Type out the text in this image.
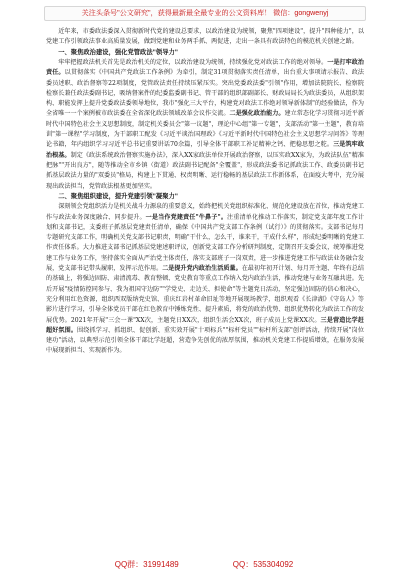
关注头条号"公文研究"，获得最新最全最专业的公文资料库！ 微信：gongwenyj

近年来，市委政法委深入贯彻新时代党的建设总要求，以政治建设为统领，聚焦"四项建设"，提升"四种能力"，以党建工作引领政法事业高质量发展，做到党建和业务两手抓、两促进，走出一条具有政法特色的模范机关创建之路。

一、聚焦政治建设，强化党管政法"领导力"

牢牢把握政法机关首先是政治机关的定位，以政治建设为统领，持续强化党对政法工作的绝对领导。一是打牢政治责任。以贯彻落实《中国共产党政法工作条例》为牵引，制定31项贯彻落实责任清单，出台重大事项请示报告、政法委员述职、政治督察等22项制度，党管政法责任持续压紧压实。突出党委政法委"引领"作用，增加法院院长、检察院检察长兼任政法委副书记，吸纳督案件的纪委监委副书记、管干部的组织部副部长、财政局局长为政法委员，从组织架构、职能发挥上提升党委政法委领导地位，我市"强化三大平台，构建党对政法工作绝对领导新体制"的经验做法，作为全省唯一一个案例被市政法委在全省深化政法领域改革会议作交流。二是强化政治能力。建立常态化学习贯彻习近平新时代中国特色社会主义思想制度，制定机关委员会"第一议题"，理论中心组"第一专题"，支部活动"第一主题"，教育培训"第一课程"学习制度，为干部职工配发《习近平谈治国理政》《习近平新时代中国特色社会主义思想学习问答》等理论书籍，年内组织学习习近平总书记重要讲话70余篇，引导全体干部职工补足精神之钙、把稳思想之舵。三是筑牢政治根基。制定《政法系统政治督察实施办法》，深入XX家政法单位开展政治督察，以压实政XX家为，为政法队伍"精准把脉""开出良方"，随等推动全市乡镇（街道）政法副书记配备"全覆盖"，形成政法委书记抓政法工作、政委员副书记抓基层政法力量的"双委员"格局，构建上下贯通、权责明晰、运行稳畅的基层政法工作新体系，在面疫大考中，充分展现出政法担当，党管政法根基更加坚实。

二、聚焦组织建设，提升党建引领"凝聚力"

深刻领会党组织活力是机关战斗力源泉的重要意义，始终把机关党组织标准化、规范化建设放在首位，推动党建工作与政法业务深度融合、同步提升。一是当作党建责任"牛鼻子"。注重清单化推动工作落实，制定党支部年度工作计划和支部书记，支委班子抓基层党建责任清单，确保《中国共产党支部工作条例（试行）》的贯彻落实。支部书记每月专题研究支部工作，明确机关党支部书记职责，明确"干什么，怎么干，谁来干，干成什么样"，形成纪委明晰的党建工作责任体系。大力推进支部书记抓基层党建述职评议，创新党支部工作分析研判制度，定期召开支委会议，统筹推进党建工作与业务工作，坚持落实全面从严治党主体责任，落实支部班子一岗双责，进一步推进党建工作与政法业务融合发展，党支部书记带头履职，发挥示范作用。二是提升党内政治生活质量。在最初年初开计划、每月开主题、年终有总结的基础上，将强边固防、肃清流毒、教育整顿、党史教育等重点工作纳入党内政治生活，推动党建与业务互融共进。先后开展"疫情防控同参与、我为祖国守边防""学党史、走边关、担使命"等主题党日活动，坚定强边固防的信心和决心，充分利用红色资源，组织西双版纳党史馆、重庆红岩村革命旧址等地开展现场教学，组织观看《长津湖》《守岛人》等影片进行学习，引导全体党员干部在红色教育中锤炼党性、提升素质，将党的政治优势、组织优势转化为政法工作的发展优势。2021年开展"三会一课"XX次，主题党日XX次，组织生活会XX次，班子成员上党课XX次。三是营造比学赶超好氛围。围绕抓学习、抓组织、促创新、重实效开展"十项标兵""标杆党员""标杆所支部"创评活动，持续开展"岗位建功"活动，以典型示范引领全体干部比学赶超，营造争先创优的浓厚氛围，推动机关党建工作提质增效，在服务发展中展现新担当、实现新作为。

QQ群：31991489	QQ：535304092
